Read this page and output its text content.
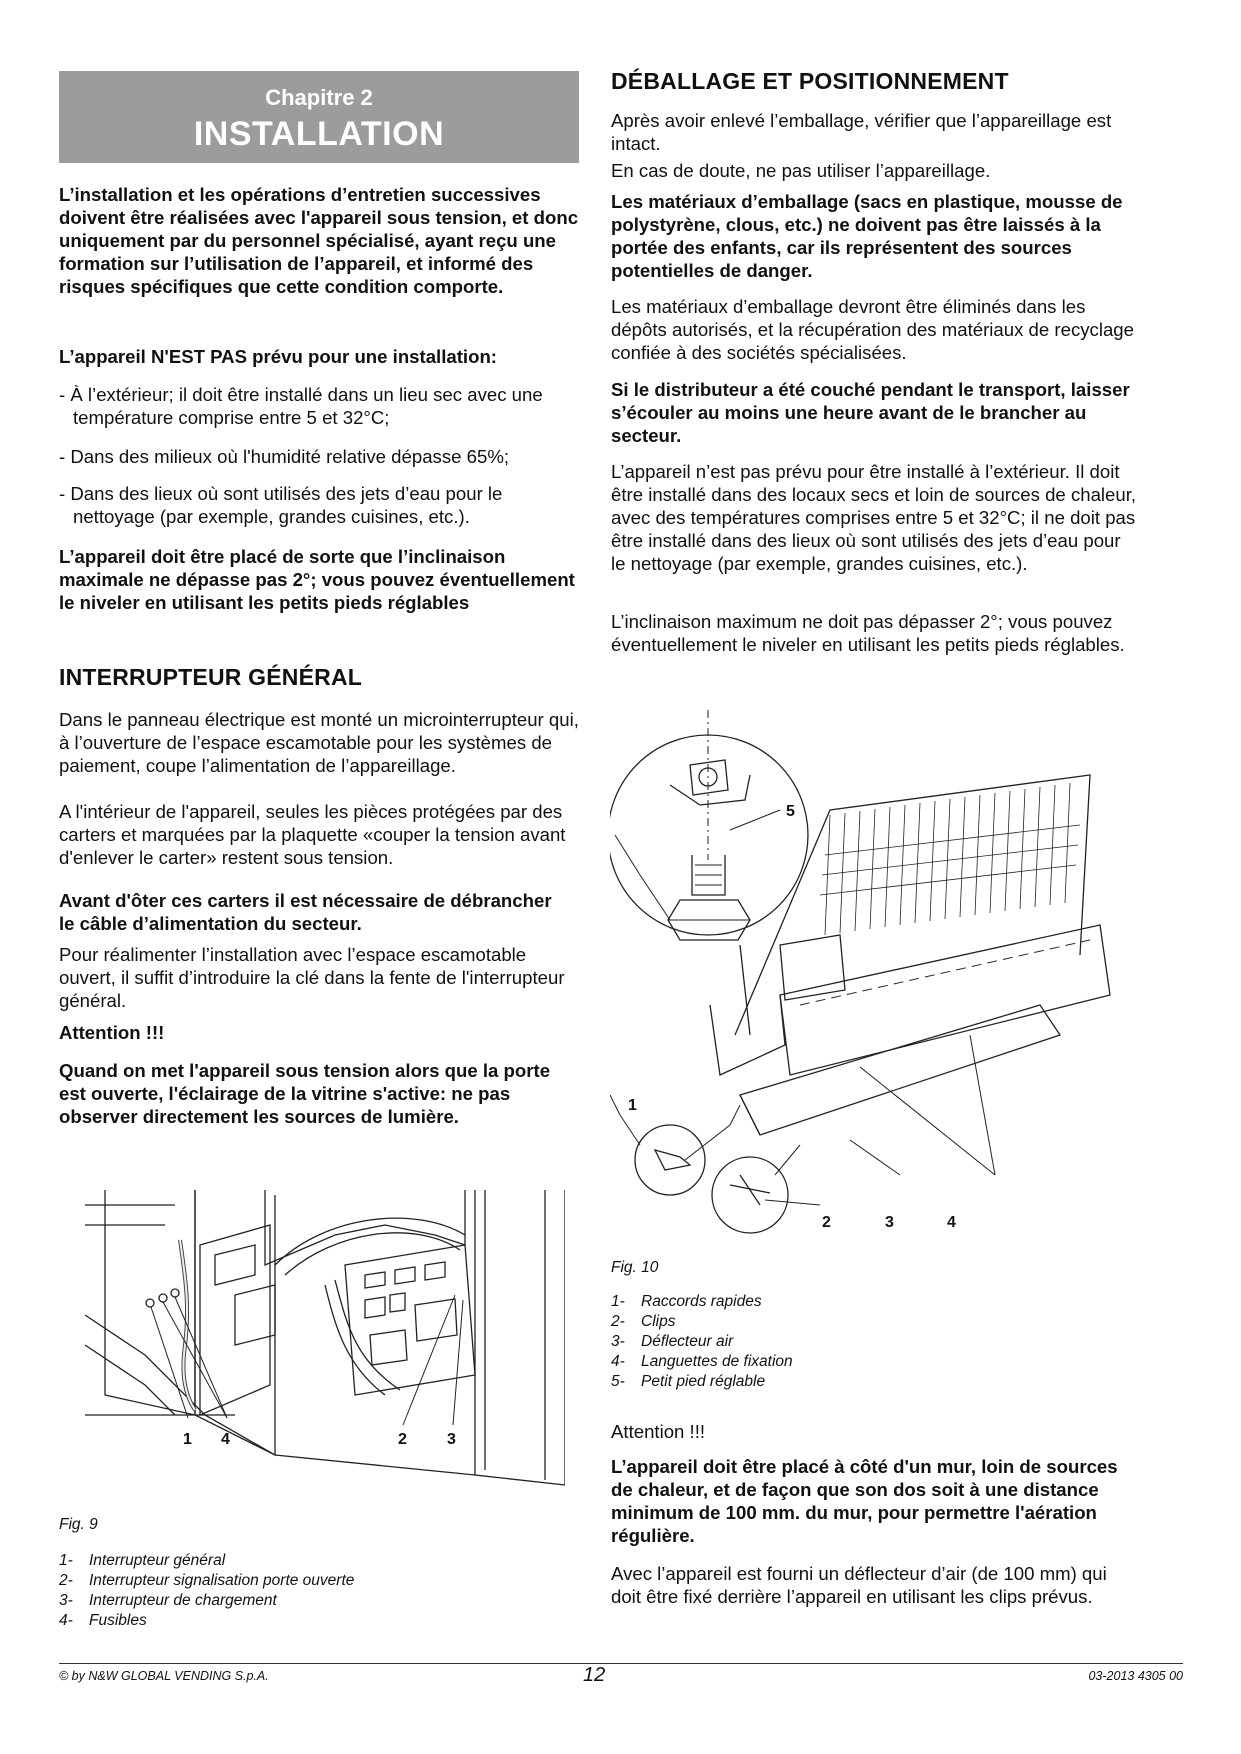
Chapitre 2
INSTALLATION

L’installation et les opérations d’entretien successives doivent être réalisées avec l'appareil sous tension, et donc uniquement par du personnel spécialisé, ayant reçu une formation sur l’utilisation de l’appareil, et informé des risques spécifiques que cette condition comporte.

L’appareil N'EST PAS prévu pour une installation:

- À l’extérieur; il doit être installé dans un lieu sec avec une température comprise entre 5 et 32°C;

- Dans des milieux où l'humidité relative dépasse 65%;

- Dans des lieux où sont utilisés des jets d’eau pour le nettoyage (par exemple, grandes cuisines, etc.).

L’appareil doit être placé de sorte que l’inclinaison maximale ne dépasse pas 2°; vous pouvez éventuellement le niveler en utilisant les petits pieds réglables

INTERRUPTEUR GÉNÉRAL

Dans le panneau électrique est monté un microinterrupteur qui, à l’ouverture de l’espace escamotable pour les systèmes de paiement, coupe l’alimentation de l’appareillage.

A l'intérieur de l'appareil, seules les pièces protégées par des carters et marquées par la plaquette «couper la tension avant d'enlever le carter» restent sous tension.

Avant d'ôter ces carters il est nécessaire de débrancher le câble d’alimentation du secteur.

Pour réalimenter l’installation avec l’espace escamotable ouvert, il suffit d’introduire la clé dans la fente de l'interrupteur général.

Attention !!!

Quand on met l'appareil sous tension alors que la porte est ouverte, l'éclairage de la vitrine s'active: ne pas observer directement les sources de lumière.

1 4	2	3

Fig. 9

1- Interrupteur général
2- Interrupteur signalisation porte ouverte
3- Interrupteur de chargement
4- Fusibles
DÉBALLAGE ET POSITIONNEMENT

Après avoir enlevé l’emballage, vérifier que l’appareillage est intact.

En cas de doute, ne pas utiliser l’appareillage.

Les matériaux d’emballage (sacs en plastique, mousse de polystyrène, clous, etc.) ne doivent pas être laissés à la portée des enfants, car ils représentent des sources potentielles de danger.

Les matériaux d’emballage devront être éliminés dans les dépôts autorisés, et la récupération des matériaux de recyclage confiée à des sociétés spécialisées.

Si le distributeur a été couché pendant le transport, laisser s’écouler au moins une heure avant de le brancher au secteur.

L’appareil n’est pas prévu pour être installé à l’extérieur. Il doit être installé dans des locaux secs et loin de sources de chaleur, avec des températures comprises entre 5 et 32°C; il ne doit pas être installé dans des lieux où sont utilisés des jets d’eau pour le nettoyage (par exemple, grandes cuisines, etc.).

L’inclinaison maximum ne doit pas dépasser 2°; vous pouvez éventuellement le niveler en utilisant les petits pieds réglables.

5
1
2	3	4

Fig. 10

1- Raccords rapides
2- Clips
3- Déflecteur air
4- Languettes de fixation
5- Petit pied réglable

Attention !!!

L’appareil doit être placé à côté d'un mur, loin de sources de chaleur, et de façon que son dos soit à une distance minimum de 100 mm. du mur, pour permettre l'aération régulière.

Avec l’appareil est fourni un déflecteur d’air (de 100 mm) qui doit être fixé derrière l’appareil en utilisant les clips prévus.

© by N&W GLOBAL VENDING S.p.A.	12	03-2013 4305 00
